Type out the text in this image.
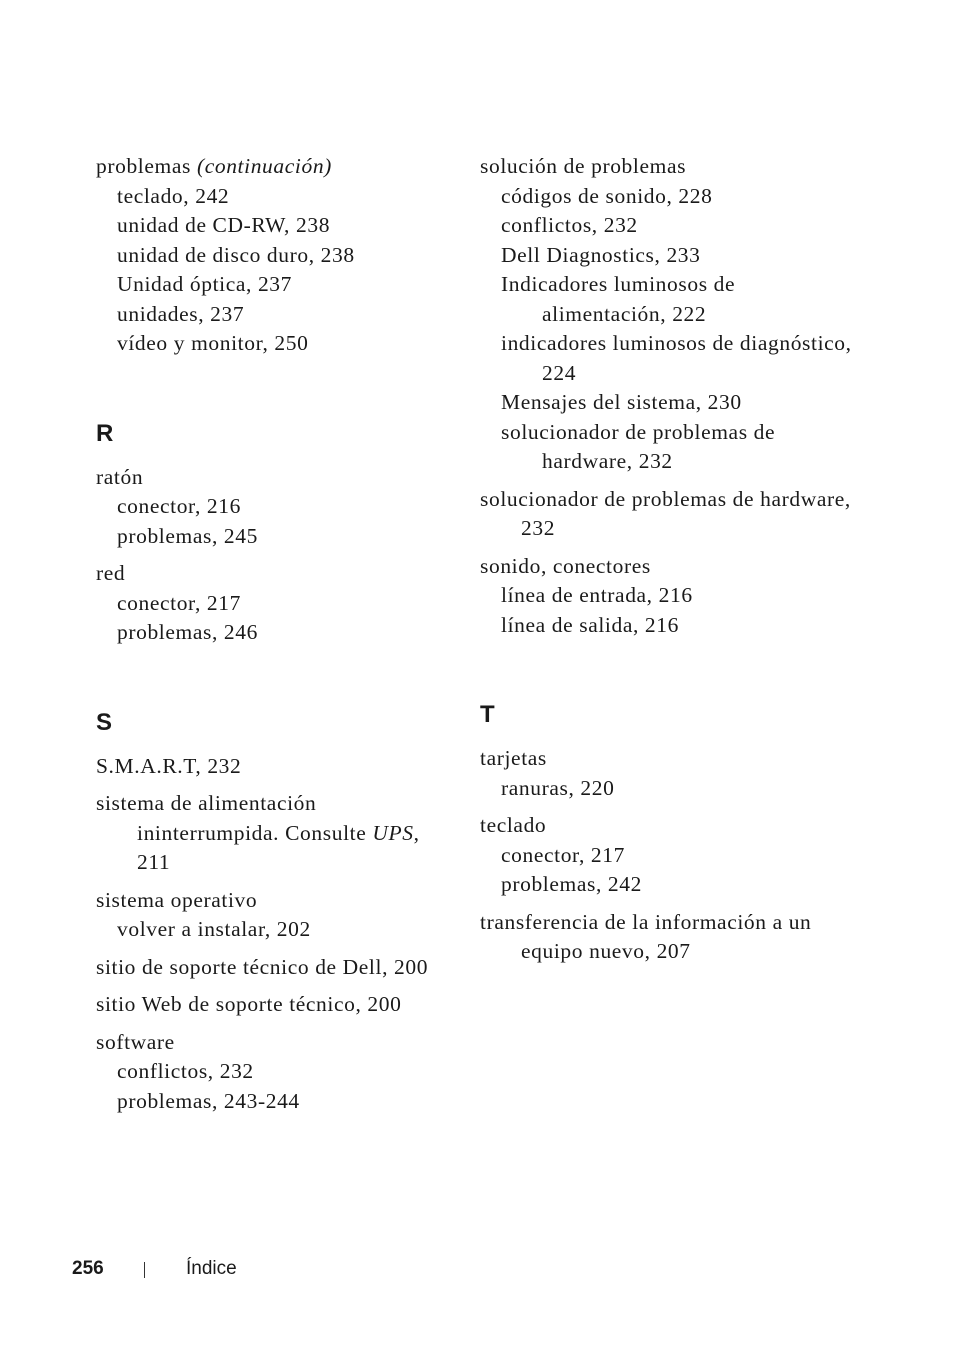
problemas (continuación)
teclado, 242
unidad de CD-RW, 238
unidad de disco duro, 238
Unidad óptica, 237
unidades, 237
vídeo y monitor, 250
R
ratón
conector, 216
problemas, 245
red
conector, 217
problemas, 246
S
S.M.A.R.T, 232
sistema de alimentación ininterrumpida. Consulte UPS, 211
sistema operativo
volver a instalar, 202
sitio de soporte técnico de Dell, 200
sitio Web de soporte técnico, 200
software
conflictos, 232
problemas, 243-244
solución de problemas
códigos de sonido, 228
conflictos, 232
Dell Diagnostics, 233
Indicadores luminosos de alimentación, 222
indicadores luminosos de diagnóstico, 224
Mensajes del sistema, 230
solucionador de problemas de hardware, 232
solucionador de problemas de hardware, 232
sonido, conectores
línea de entrada, 216
línea de salida, 216
T
tarjetas
ranuras, 220
teclado
conector, 217
problemas, 242
transferencia de la información a un equipo nuevo, 207
256	Índice
